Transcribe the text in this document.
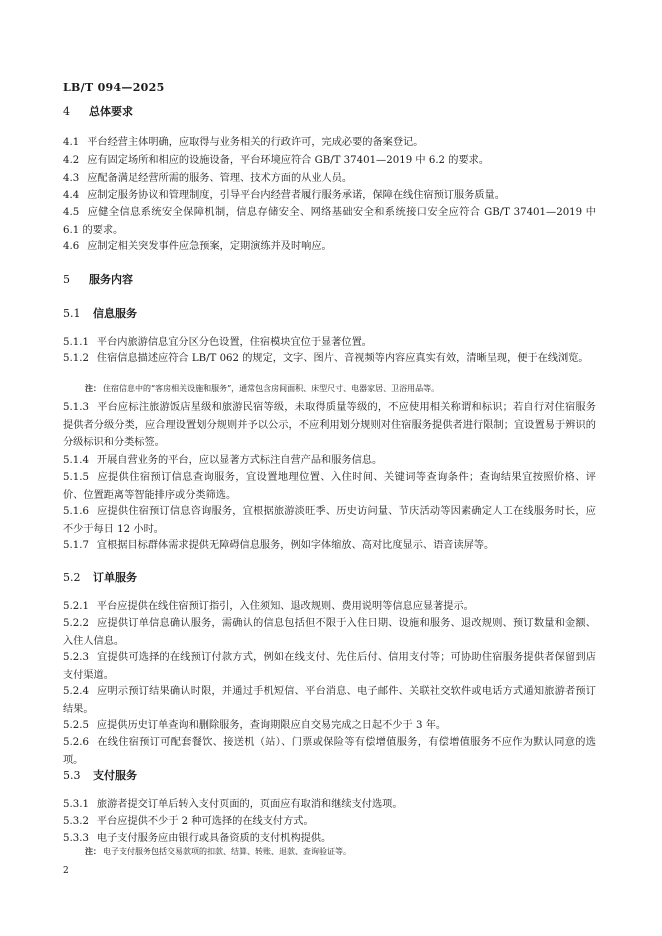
LB/T 094—2025
4 总体要求
4.1 平台经营主体明确，应取得与业务相关的行政许可，完成必要的备案登记。
4.2 应有固定场所和相应的设施设备，平台环境应符合 GB/T 37401—2019 中 6.2 的要求。
4.3 应配备满足经营所需的服务、管理、技术方面的从业人员。
4.4 应制定服务协议和管理制度，引导平台内经营者履行服务承诺，保障在线住宿预订服务质量。
4.5 应健全信息系统安全保障机制，信息存储安全、网络基础安全和系统接口安全应符合 GB/T 37401—2019 中 6.1 的要求。
4.6 应制定相关突发事件应急预案，定期演练并及时响应。
5 服务内容
5.1 信息服务
5.1.1 平台内旅游信息宜分区分色设置，住宿模块宜位于显著位置。
5.1.2 住宿信息描述应符合 LB/T 062 的规定，文字、图片、音视频等内容应真实有效，清晰呈现，便于在线浏览。
注： 住宿信息中的“客房相关设施和服务”，通常包含房间面积、床型尺寸、电器家居、卫浴用品等。
5.1.3 平台应标注旅游饭店星级和旅游民宿等级，未取得质量等级的，不应使用相关称谓和标识；若自行对住宿服务提供者分级分类，应合理设置划分规则并予以公示，不应利用划分规则对住宿服务提供者进行限制；宜设置易于辨识的分级标识和分类标签。
5.1.4 开展自营业务的平台，应以显著方式标注自营产品和服务信息。
5.1.5 应提供住宿预订信息查询服务，宜设置地理位置、入住时间、关键词等查询条件；查询结果宜按照价格、评价、位置距离等智能排序或分类筛选。
5.1.6 应提供住宿预订信息咨询服务，宜根据旅游淡旺季、历史访问量、节庆活动等因素确定人工在线服务时长，应不少于每日 12 小时。
5.1.7 宜根据目标群体需求提供无障碍信息服务，例如字体缩放、高对比度显示、语音读屏等。
5.2 订单服务
5.2.1 平台应提供在线住宿预订指引，入住须知、退改规则、费用说明等信息应显著提示。
5.2.2 应提供订单信息确认服务，需确认的信息包括但不限于入住日期、设施和服务、退改规则、预订数量和金额、入住人信息。
5.2.3 宜提供可选择的在线预订付款方式，例如在线支付、先住后付、信用支付等；可协助住宿服务提供者保留到店支付渠道。
5.2.4 应明示预订结果确认时限，并通过手机短信、平台消息、电子邮件、关联社交软件或电话方式通知旅游者预订结果。
5.2.5 应提供历史订单查询和删除服务，查询期限应自交易完成之日起不少于 3 年。
5.2.6 在线住宿预订可配套餐饮、接送机（站）、门票或保险等有偿增值服务，有偿增值服务不应作为默认同意的选项。
5.3 支付服务
5.3.1 旅游者提交订单后转入支付页面的，页面应有取消和继续支付选项。
5.3.2 平台应提供不少于 2 种可选择的在线支付方式。
5.3.3 电子支付服务应由银行或具备资质的支付机构提供。
注： 电子支付服务包括交易款项的扣款、结算、转账、退款、查询验证等。
2
